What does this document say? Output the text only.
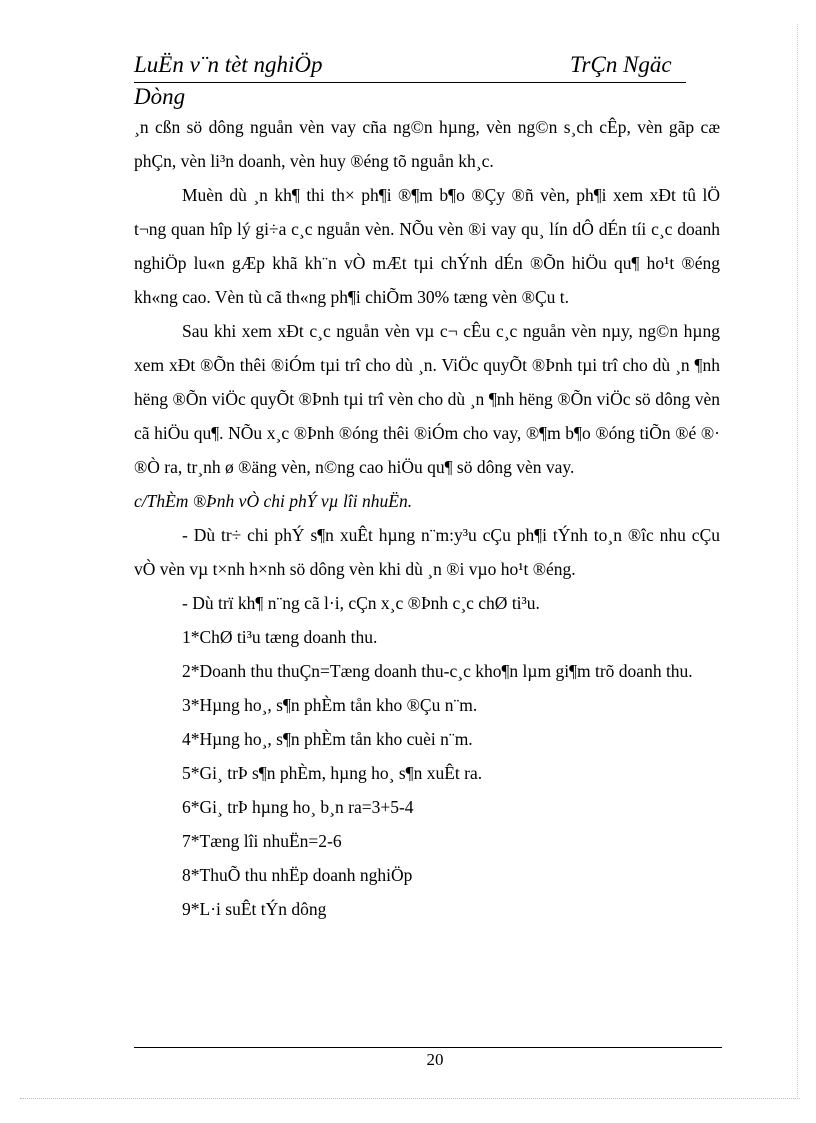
LuËn v¨n tèt nghiÖp	TrÇn Ngäc
Dòng

¸n cßn sö dông nguån vèn vay cña ng©n hµng, vèn ng©n s¸ch cÊp, vèn gãp cæ phÇn, vèn li³n doanh, vèn huy ®éng tõ nguån kh¸c.

Muèn dù ¸n kh¶ thi th× ph¶i ®¶m b¶o ®Çy ®ñ vèn, ph¶i xem xÐt tû lÖ t¬ng quan hîp lý gi÷a c¸c nguån vèn. NÕu vèn ®i vay qu¸ lín dÔ dÉn tíi c¸c doanh nghiÖp lu«n gÆp khã kh¨n vÒ mÆt tµi chÝnh dÉn ®Õn hiÖu qu¶ ho¹t ®éng kh«ng cao. Vèn tù cã th«ng ph¶i chiÕm 30% tæng vèn ®Çu t.

Sau khi xem xÐt c¸c nguån vèn vµ c¬ cÊu c¸c nguån vèn nµy, ng©n hµng xem xÐt ®Õn thêi ®iÓm tµi trî cho dù ¸n. ViÖc quyÕt ®Þnh tµi trî cho dù ¸n ¶nh hëng ®Õn viÖc quyÕt ®Þnh tµi trî vèn cho dù ¸n ¶nh hëng ®Õn viÖc sö dông vèn cã hiÖu qu¶. NÕu x¸c ®Þnh ®óng thêi ®iÓm cho vay, ®¶m b¶o ®óng tiÕn ®é ®· ®Ò ra, tr¸nh ø ®äng vèn, n©ng cao hiÖu qu¶ sö dông vèn vay.

c/ThÈm ®Þnh vÒ chi phÝ vµ lîi nhuËn.

- Dù tr÷ chi phÝ s¶n xuÊt hµng n¨m:y³u cÇu ph¶i tÝnh to¸n ®îc nhu cÇu vÒ vèn vµ t×nh h×nh sö dông vèn khi dù ¸n ®i vµo ho¹t ®éng.

- Dù trï kh¶ n¨ng cã l·i, cÇn x¸c ®Þnh c¸c chØ ti³u.

1*ChØ ti³u tæng doanh thu.

2*Doanh thu thuÇn=Tæng doanh thu-c¸c kho¶n lµm gi¶m trõ doanh thu.

3*Hµng ho¸, s¶n phÈm tån kho ®Çu n¨m.

4*Hµng ho¸, s¶n phÈm tån kho cuèi n¨m.

5*Gi¸ trÞ s¶n phÈm, hµng ho¸ s¶n xuÊt ra.

6*Gi¸ trÞ hµng ho¸ b¸n ra=3+5-4

7*Tæng lîi nhuËn=2-6

8*ThuÕ thu nhËp doanh nghiÖp

9*L·i suÊt tÝn dông

20
